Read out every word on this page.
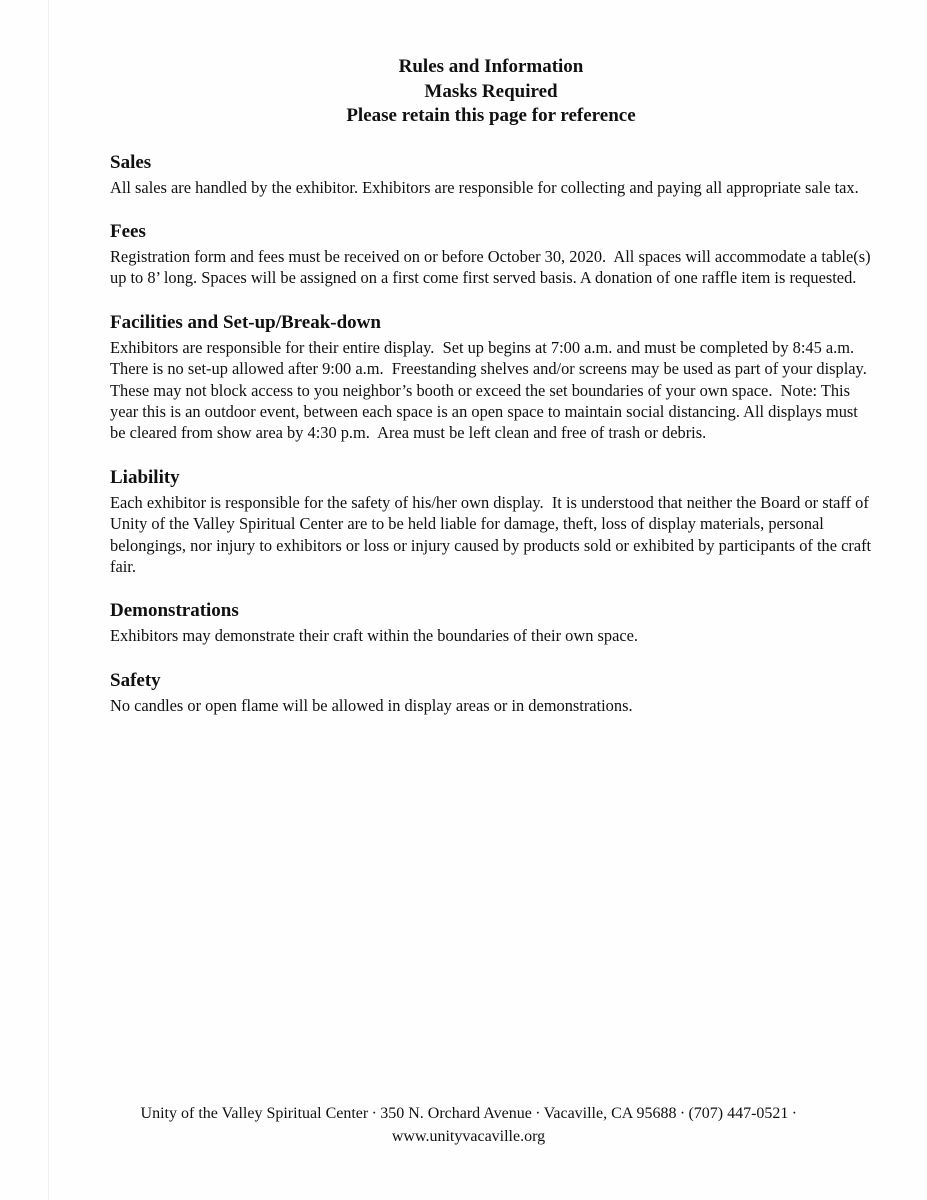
Rules and Information
Masks Required
Please retain this page for reference
Sales

All sales are handled by the exhibitor. Exhibitors are responsible for collecting and paying all appropriate sale tax.

Fees

Registration form and fees must be received on or before October 30, 2020.  All spaces will accommodate a table(s) up to 8’ long. Spaces will be assigned on a first come first served basis. A donation of one raffle item is requested.

Facilities and Set-up/Break-down

Exhibitors are responsible for their entire display.  Set up begins at 7:00 a.m. and must be completed by 8:45 a.m. There is no set-up allowed after 9:00 a.m.  Freestanding shelves and/or screens may be used as part of your display. These may not block access to you neighbor’s booth or exceed the set boundaries of your own space.  Note: This year this is an outdoor event, between each space is an open space to maintain social distancing. All displays must be cleared from show area by 4:30 p.m.  Area must be left clean and free of trash or debris.

Liability

Each exhibitor is responsible for the safety of his/her own display.  It is understood that neither the Board or staff of Unity of the Valley Spiritual Center are to be held liable for damage, theft, loss of display materials, personal belongings, nor injury to exhibitors or loss or injury caused by products sold or exhibited by participants of the craft fair.

Demonstrations

Exhibitors may demonstrate their craft within the boundaries of their own space.

Safety

No candles or open flame will be allowed in display areas or in demonstrations.

Unity of the Valley Spiritual Center ∙ 350 N. Orchard Avenue ∙ Vacaville, CA 95688 ∙ (707) 447-0521 ∙
www.unityvacaville.org
